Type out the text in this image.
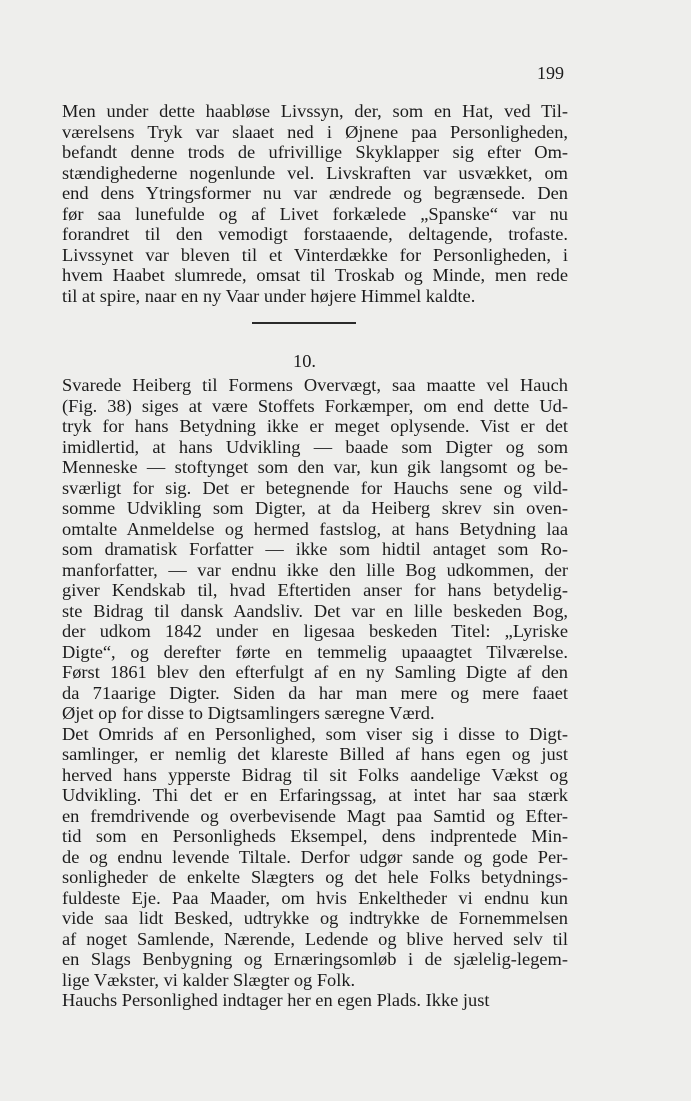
199
Men under dette haabløse Livssyn, der, som en Hat, ved Til-
værelsens Tryk var slaaet ned i Øjnene paa Personligheden,
befandt denne trods de ufrivillige Skyklapper sig efter Om-
stændighederne nogenlunde vel. Livskraften var usvækket, om
end dens Ytringsformer nu var ændrede og begrænsede. Den
før saa lunefulde og af Livet forkælede „Spanske“ var nu
forandret til den vemodigt forstaaende, deltagende, trofaste.
Livssynet var bleven til et Vinterdække for Personligheden, i
hvem Haabet slumrede, omsat til Troskab og Minde, men rede
til at spire, naar en ny Vaar under højere Himmel kaldte.
10.
Svarede Heiberg til Formens Overvægt, saa maatte vel Hauch
(Fig. 38) siges at være Stoffets Forkæmper, om end dette Ud-
tryk for hans Betydning ikke er meget oplysende. Vist er det
imidlertid, at hans Udvikling — baade som Digter og som
Menneske — stoftynget som den var, kun gik langsomt og be-
sværligt for sig. Det er betegnende for Hauchs sene og vild-
somme Udvikling som Digter, at da Heiberg skrev sin oven-
omtalte Anmeldelse og hermed fastslog, at hans Betydning laa
som dramatisk Forfatter — ikke som hidtil antaget som Ro-
manforfatter, — var endnu ikke den lille Bog udkommen, der
giver Kendskab til, hvad Eftertiden anser for hans betydelig-
ste Bidrag til dansk Aandsliv. Det var en lille beskeden Bog,
der udkom 1842 under en ligesaa beskeden Titel: „Lyriske
Digte“, og derefter førte en temmelig upaaagtet Tilværelse.
Først 1861 blev den efterfulgt af en ny Samling Digte af den
da 71aarige Digter. Siden da har man mere og mere faaet
Øjet op for disse to Digtsamlingers særegne Værd.
Det Omrids af en Personlighed, som viser sig i disse to Digt-
samlinger, er nemlig det klareste Billed af hans egen og just
herved hans ypperste Bidrag til sit Folks aandelige Vækst og
Udvikling. Thi det er en Erfaringssag, at intet har saa stærk
en fremdrivende og overbevisende Magt paa Samtid og Efter-
tid som en Personligheds Eksempel, dens indprentede Min-
de og endnu levende Tiltale. Derfor udgør sande og gode Per-
sonligheder de enkelte Slægters og det hele Folks betydnings-
fuldeste Eje. Paa Maader, om hvis Enkeltheder vi endnu kun
vide saa lidt Besked, udtrykke og indtrykke de Fornemmelsen
af noget Samlende, Nærende, Ledende og blive herved selv til
en Slags Benbygning og Ernæringsomløb i de sjælelig-legem-
lige Vækster, vi kalder Slægter og Folk.
Hauchs Personlighed indtager her en egen Plads. Ikke just
